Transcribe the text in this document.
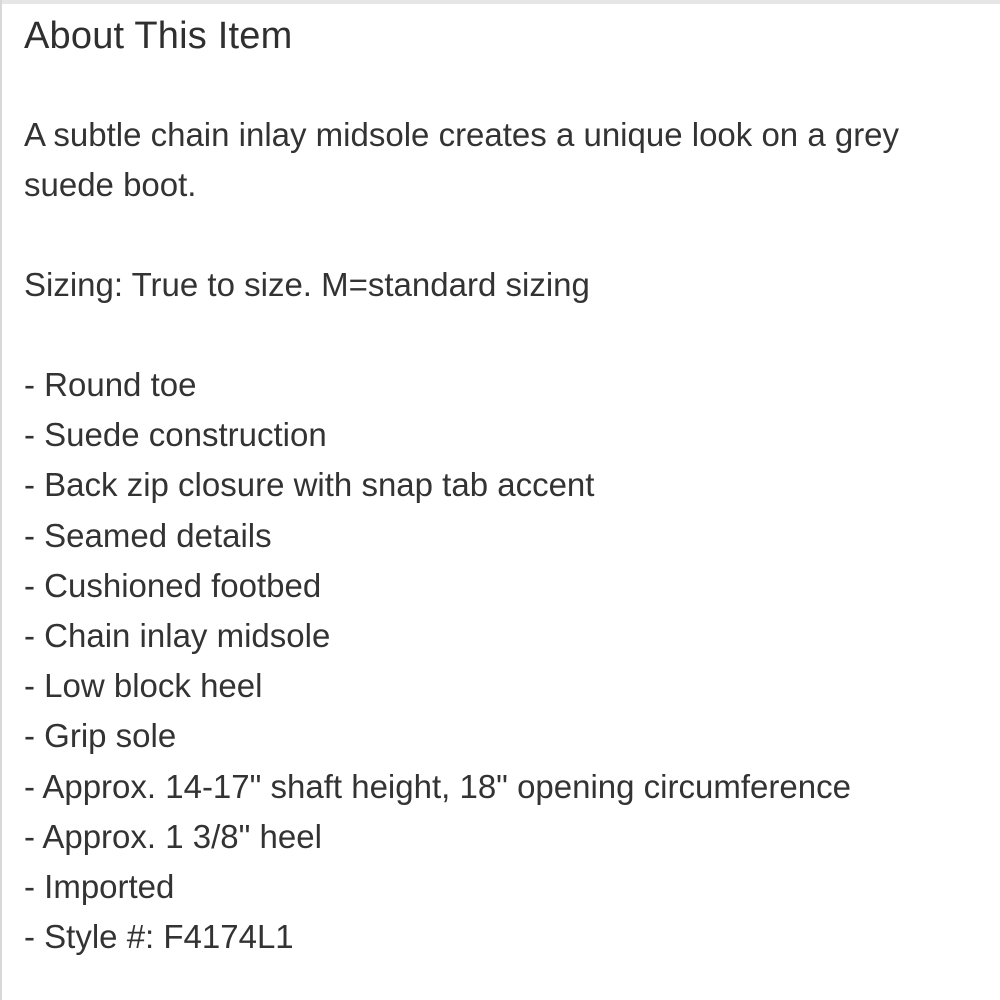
About This Item

A subtle chain inlay midsole creates a unique look on a grey suede boot.

Sizing: True to size. M=standard sizing

- Round toe
- Suede construction
- Back zip closure with snap tab accent
- Seamed details
- Cushioned footbed
- Chain inlay midsole
- Low block heel
- Grip sole
- Approx. 14-17" shaft height, 18" opening circumference
- Approx. 1 3/8" heel
- Imported
- Style #: F4174L1
